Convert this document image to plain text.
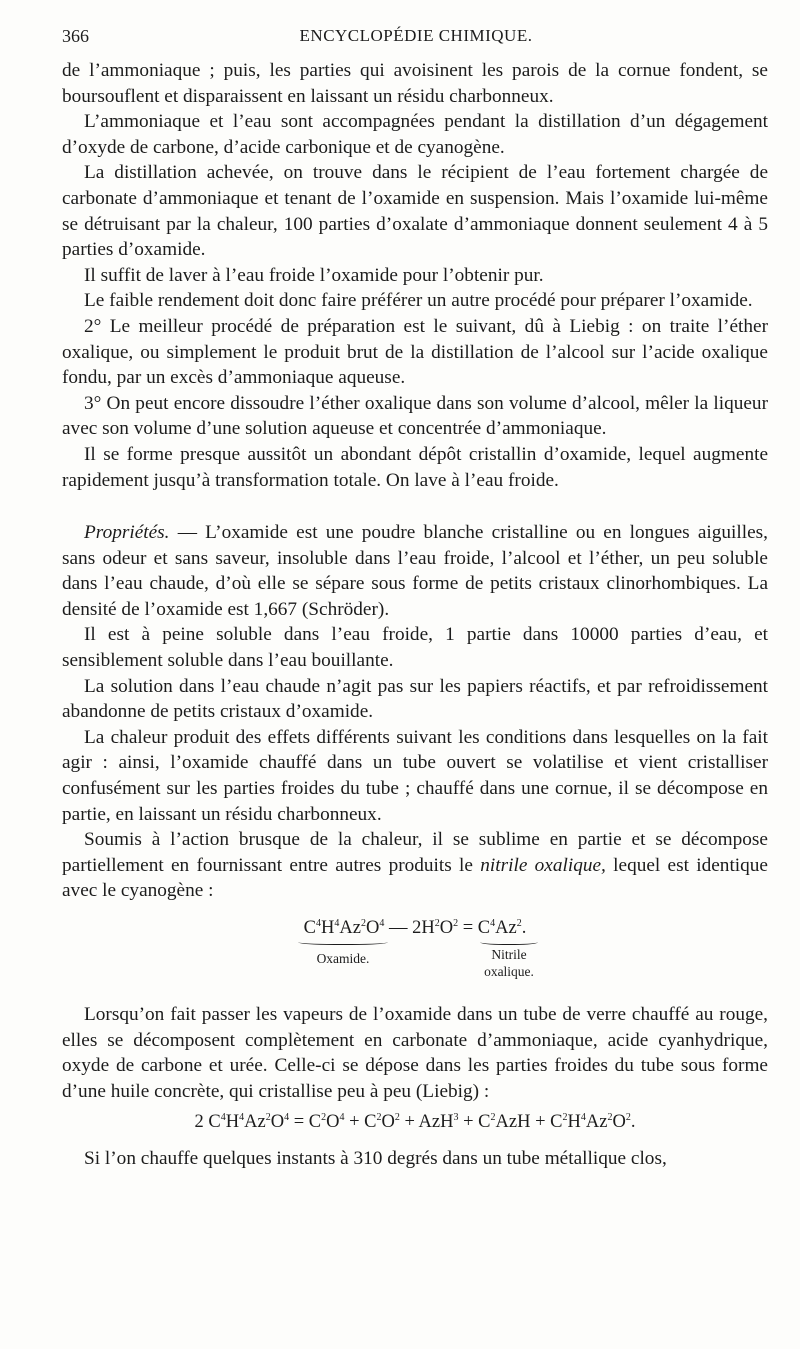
366	ENCYCLOPÉDIE CHIMIQUE.

de l’ammoniaque ; puis, les parties qui avoisinent les parois de la cornue fondent, se boursouflent et disparaissent en laissant un résidu charbonneux.

L’ammoniaque et l’eau sont accompagnées pendant la distillation d’un dégagement d’oxyde de carbone, d’acide carbonique et de cyanogène.

La distillation achevée, on trouve dans le récipient de l’eau fortement chargée de carbonate d’ammoniaque et tenant de l’oxamide en suspension. Mais l’oxamide lui-même se détruisant par la chaleur, 100 parties d’oxalate d’ammoniaque donnent seulement 4 à 5 parties d’oxamide.

Il suffit de laver à l’eau froide l’oxamide pour l’obtenir pur.

Le faible rendement doit donc faire préférer un autre procédé pour préparer l’oxamide.

2° Le meilleur procédé de préparation est le suivant, dû à Liebig : on traite l’éther oxalique, ou simplement le produit brut de la distillation de l’alcool sur l’acide oxalique fondu, par un excès d’ammoniaque aqueuse.

3° On peut encore dissoudre l’éther oxalique dans son volume d’alcool, mêler la liqueur avec son volume d’une solution aqueuse et concentrée d’ammoniaque.

Il se forme presque aussitôt un abondant dépôt cristallin d’oxamide, lequel augmente rapidement jusqu’à transformation totale. On lave à l’eau froide.

Propriétés. — L’oxamide est une poudre blanche cristalline ou en longues aiguilles, sans odeur et sans saveur, insoluble dans l’eau froide, l’alcool et l’éther, un peu soluble dans l’eau chaude, d’où elle se sépare sous forme de petits cristaux clinorhombiques. La densité de l’oxamide est 1,667 (Schröder).

Il est à peine soluble dans l’eau froide, 1 partie dans 10000 parties d’eau, et sensiblement soluble dans l’eau bouillante.

La solution dans l’eau chaude n’agit pas sur les papiers réactifs, et par refroidissement abandonne de petits cristaux d’oxamide.

La chaleur produit des effets différents suivant les conditions dans lesquelles on la fait agir : ainsi, l’oxamide chauffé dans un tube ouvert se volatilise et vient cristalliser confusément sur les parties froides du tube ; chauffé dans une cornue, il se décompose en partie, en laissant un résidu charbonneux.

Soumis à l’action brusque de la chaleur, il se sublime en partie et se décompose partiellement en fournissant entre autres produits le nitrile oxalique, lequel est identique avec le cyanogène :

$C^4H^4Az^2O^4$ — $2H^2O^2 = C^4Az^2$.
Oxamide.	Nitrile
oxalique.

Lorsqu’on fait passer les vapeurs de l’oxamide dans un tube de verre chauffé au rouge, elles se décomposent complètement en carbonate d’ammoniaque, acide cyanhydrique, oxyde de carbone et urée. Celle-ci se dépose dans les parties froides du tube sous forme d’une huile concrète, qui cristallise peu à peu (Liebig) :

2 $C^4H^4Az^2O^4 = C^2O^4 + C^2O^2 + AzH^3 + C^2AzH + C^2H^4Az^2O^2$.

Si l’on chauffe quelques instants à 310 degrés dans un tube métallique clos,
